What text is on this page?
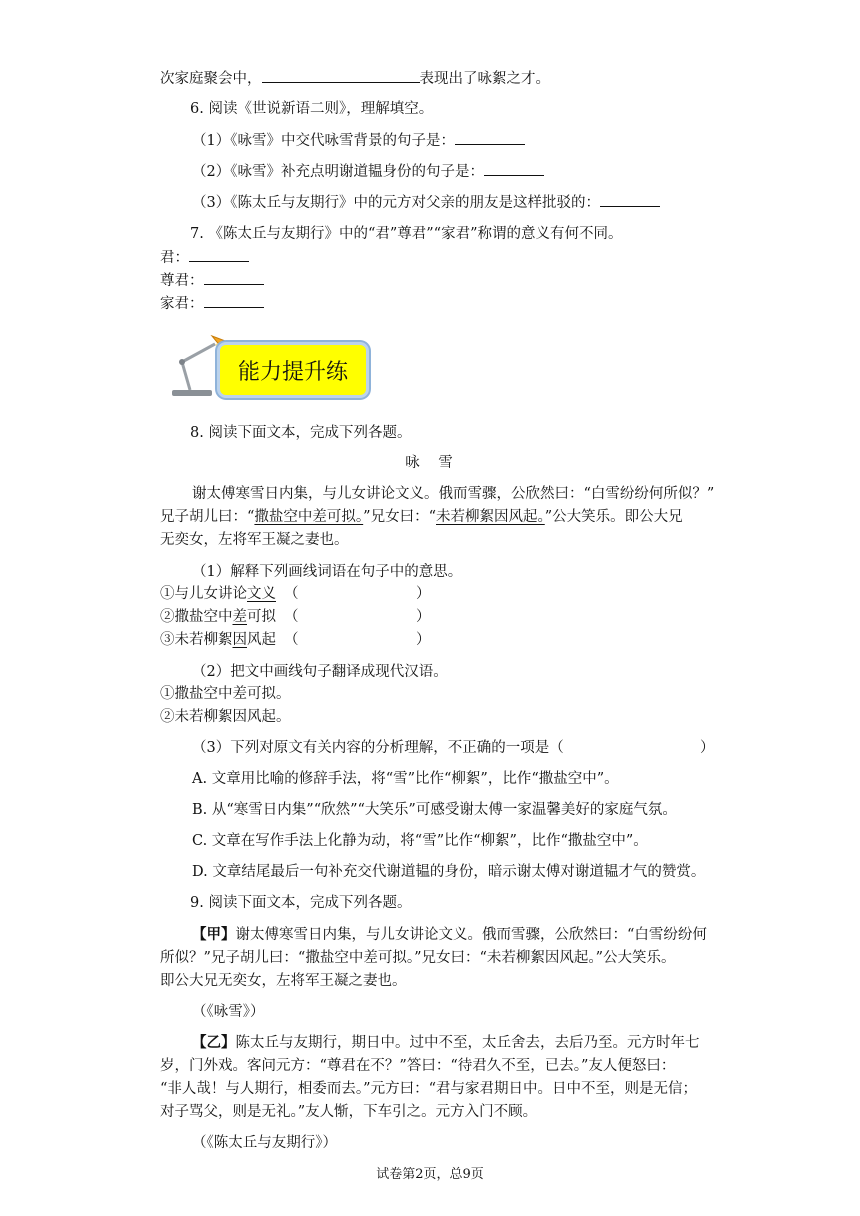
次家庭聚会中，	表现出了咏絮之才。
6. 阅读《世说新语二则》，理解填空。
（1）《咏雪》中交代咏雪背景的句子是：
（2）《咏雪》补充点明谢道韫身份的句子是：
（3）《陈太丘与友期行》中的元方对父亲的朋友是这样批驳的：
7. 《陈太丘与友期行》中的“君”尊君”“家君”称谓的意义有何不同。
君：
尊君：
家君：
能力提升练
8. 阅读下面文本，完成下列各题。
咏　雪
谢太傅寒雪日内集，与儿女讲论文义。俄而雪骤，公欣然曰：“白雪纷纷何所似？”
兄子胡儿曰：“撒盐空中差可拟。”兄女曰：“未若柳絮因风起。”公大笑乐。即公大兄
无奕女，左将军王凝之妻也。
（1）解释下列画线词语在句子中的意思。
①与儿女讲论文义 （	）
②撒盐空中差可拟 （	）
③未若柳絮因风起 （	）
（2）把文中画线句子翻译成现代汉语。
①撒盐空中差可拟。
②未若柳絮因风起。
（3）下列对原文有关内容的分析理解，不正确的一项是（	）
A. 文章用比喻的修辞手法，将“雪”比作“柳絮”，比作“撒盐空中”。
B. 从“寒雪日内集”“欣然”“大笑乐”可感受谢太傅一家温馨美好的家庭气氛。
C. 文章在写作手法上化静为动，将“雪”比作“柳絮”，比作“撒盐空中”。
D. 文章结尾最后一句补充交代谢道韫的身份，暗示谢太傅对谢道韫才气的赞赏。
9. 阅读下面文本，完成下列各题。
【甲】谢太傅寒雪日内集，与儿女讲论文义。俄而雪骤，公欣然曰：“白雪纷纷何
所似？”兄子胡儿曰：“撒盐空中差可拟。”兄女曰：“未若柳絮因风起。”公大笑乐。
即公大兄无奕女，左将军王凝之妻也。
（《咏雪》）
【乙】陈太丘与友期行，期日中。过中不至，太丘舍去，去后乃至。元方时年七
岁，门外戏。客问元方：“尊君在不？”答曰：“待君久不至，已去。”友人便怒曰：
“非人哉！与人期行，相委而去。”元方曰：“君与家君期日中。日中不至，则是无信；
对子骂父，则是无礼。”友人惭，下车引之。元方入门不顾。
（《陈太丘与友期行》）
试卷第2页，总9页
